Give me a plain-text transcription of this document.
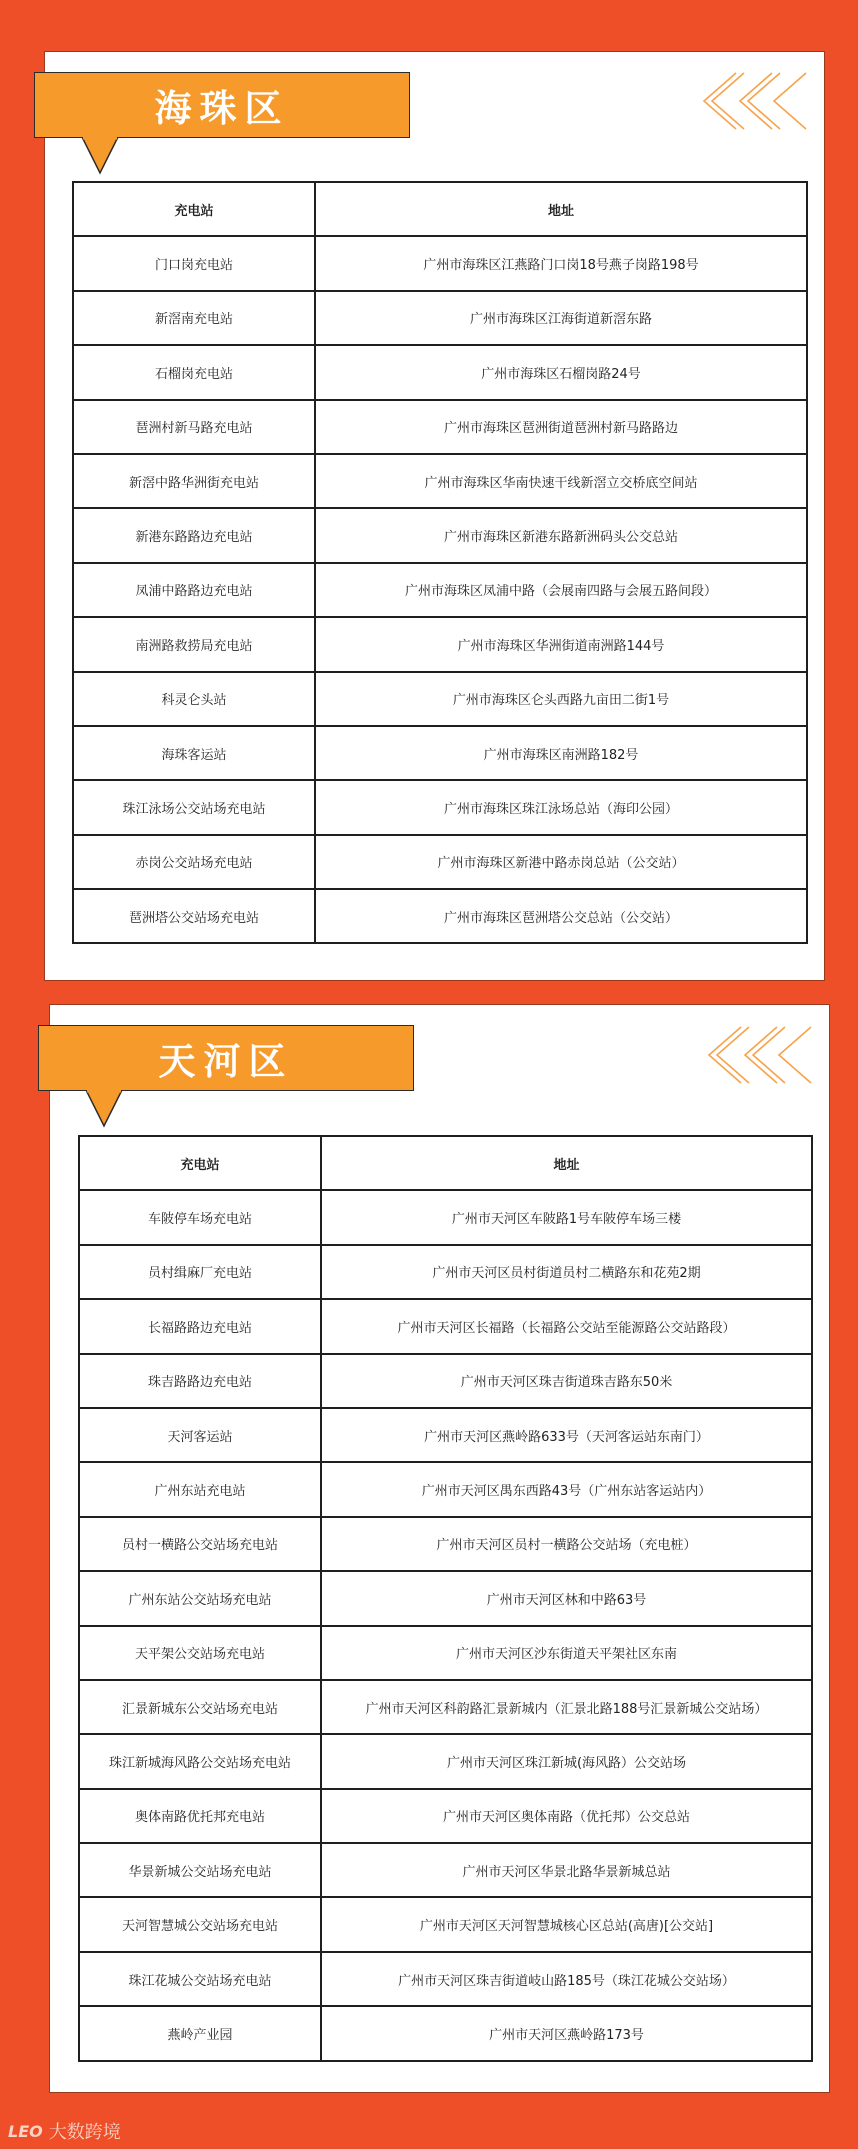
海珠区
充电站	地址
门口岗充电站	广州市海珠区江燕路门口岗18号燕子岗路198号
新滘南充电站	广州市海珠区江海街道新滘东路
石榴岗充电站	广州市海珠区石榴岗路24号
琶洲村新马路充电站	广州市海珠区琶洲街道琶洲村新马路路边
新滘中路华洲街充电站	广州市海珠区华南快速干线新滘立交桥底空间站
新港东路路边充电站	广州市海珠区新港东路新洲码头公交总站
凤浦中路路边充电站	广州市海珠区凤浦中路（会展南四路与会展五路间段）
南洲路救捞局充电站	广州市海珠区华洲街道南洲路144号
科灵仑头站	广州市海珠区仑头西路九亩田二街1号
海珠客运站	广州市海珠区南洲路182号
珠江泳场公交站场充电站	广州市海珠区珠江泳场总站（海印公园）
赤岗公交站场充电站	广州市海珠区新港中路赤岗总站（公交站）
琶洲塔公交站场充电站	广州市海珠区琶洲塔公交总站（公交站）
天河区
充电站	地址
车陂停车场充电站	广州市天河区车陂路1号车陂停车场三楼
员村缉麻厂充电站	广州市天河区员村街道员村二横路东和花苑2期
长福路路边充电站	广州市天河区长福路（长福路公交站至能源路公交站路段）
珠吉路路边充电站	广州市天河区珠吉街道珠吉路东50米
天河客运站	广州市天河区燕岭路633号（天河客运站东南门）
广州东站充电站	广州市天河区禺东西路43号（广州东站客运站内）
员村一横路公交站场充电站	广州市天河区员村一横路公交站场（充电桩）
广州东站公交站场充电站	广州市天河区林和中路63号
天平架公交站场充电站	广州市天河区沙东街道天平架社区东南
汇景新城东公交站场充电站	广州市天河区科韵路汇景新城内（汇景北路188号汇景新城公交站场）
珠江新城海风路公交站场充电站	广州市天河区珠江新城(海风路）公交站场
奥体南路优托邦充电站	广州市天河区奥体南路（优托邦）公交总站
华景新城公交站场充电站	广州市天河区华景北路华景新城总站
天河智慧城公交站场充电站	广州市天河区天河智慧城核心区总站(高唐)[公交站]
珠江花城公交站场充电站	广州市天河区珠吉街道岐山路185号（珠江花城公交站场）
燕岭产业园	广州市天河区燕岭路173号
LEO 大数跨境
